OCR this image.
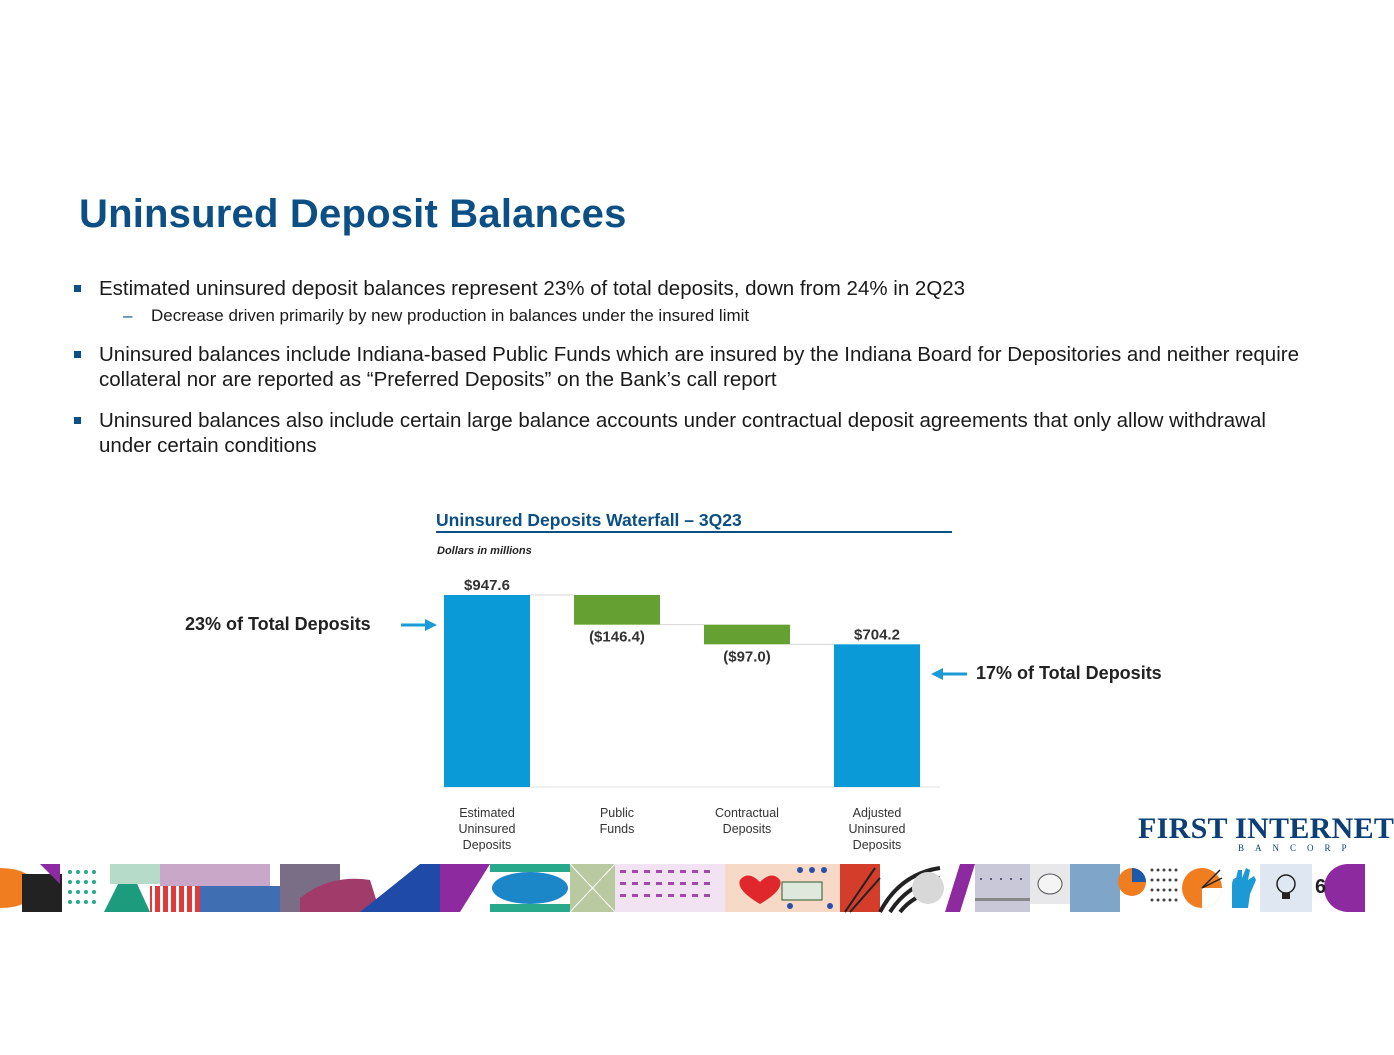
Uninsured Deposit Balances
Estimated uninsured deposit balances represent 23% of total deposits, down from 24% in 2Q23
– Decrease driven primarily by new production in balances under the insured limit
Uninsured balances include Indiana-based Public Funds which are insured by the Indiana Board for Depositories and neither require collateral nor are reported as “Preferred Deposits” on the Bank’s call report
Uninsured balances also include certain large balance accounts under contractual deposit agreements that only allow withdrawal under certain conditions
Uninsured Deposits Waterfall – 3Q23
Dollars in millions
$947.6
Estimated Uninsured Deposits
($146.4)
Public Funds
($97.0)
Contractual Deposits
$704.2
Adjusted Uninsured Deposits
23% of Total Deposits
17% of Total Deposits
FIRST INTERNET
BANCORP
6
